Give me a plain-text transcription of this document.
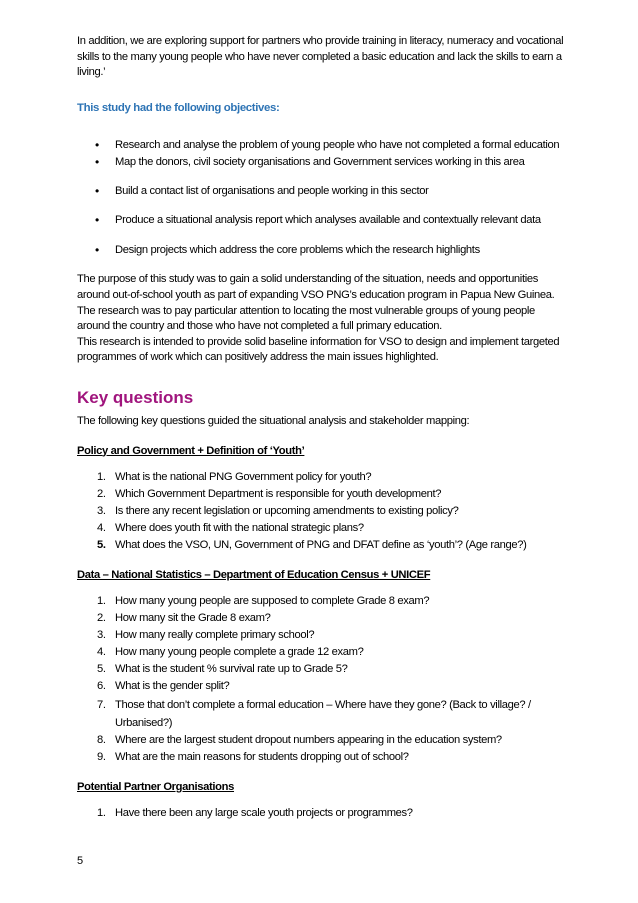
In addition, we are exploring support for partners who provide training in literacy, numeracy and vocational skills to the many young people who have never completed a basic education and lack the skills to earn a living.’

This study had the following objectives:

• Research and analyse the problem of young people who have not completed a formal education
• Map the donors, civil society organisations and Government services working in this area
• Build a contact list of organisations and people working in this sector
• Produce a situational analysis report which analyses available and contextually relevant data
• Design projects which address the core problems which the research highlights

The purpose of this study was to gain a solid understanding of the situation, needs and opportunities around out-of-school youth as part of expanding VSO PNG’s education program in Papua New Guinea.

The research was to pay particular attention to locating the most vulnerable groups of young people around the country and those who have not completed a full primary education.

This research is intended to provide solid baseline information for VSO to design and implement targeted programmes of work which can positively address the main issues highlighted.

Key questions

The following key questions guided the situational analysis and stakeholder mapping:

Policy and Government + Definition of ‘Youth’
1. What is the national PNG Government policy for youth?
2. Which Government Department is responsible for youth development?
3. Is there any recent legislation or upcoming amendments to existing policy?
4. Where does youth fit with the national strategic plans?
5. What does the VSO, UN, Government of PNG and DFAT define as ‘youth’? (Age range?)
Data – National Statistics – Department of Education Census + UNICEF
1. How many young people are supposed to complete Grade 8 exam?
2. How many sit the Grade 8 exam?
3. How many really complete primary school?
4. How many young people complete a grade 12 exam?
5. What is the student % survival rate up to Grade 5?
6. What is the gender split?
7. Those that don’t complete a formal education – Where have they gone? (Back to village? / Urbanised?)
8. Where are the largest student dropout numbers appearing in the education system?
9. What are the main reasons for students dropping out of school?
Potential Partner Organisations
1. Have there been any large scale youth projects or programmes?
5
